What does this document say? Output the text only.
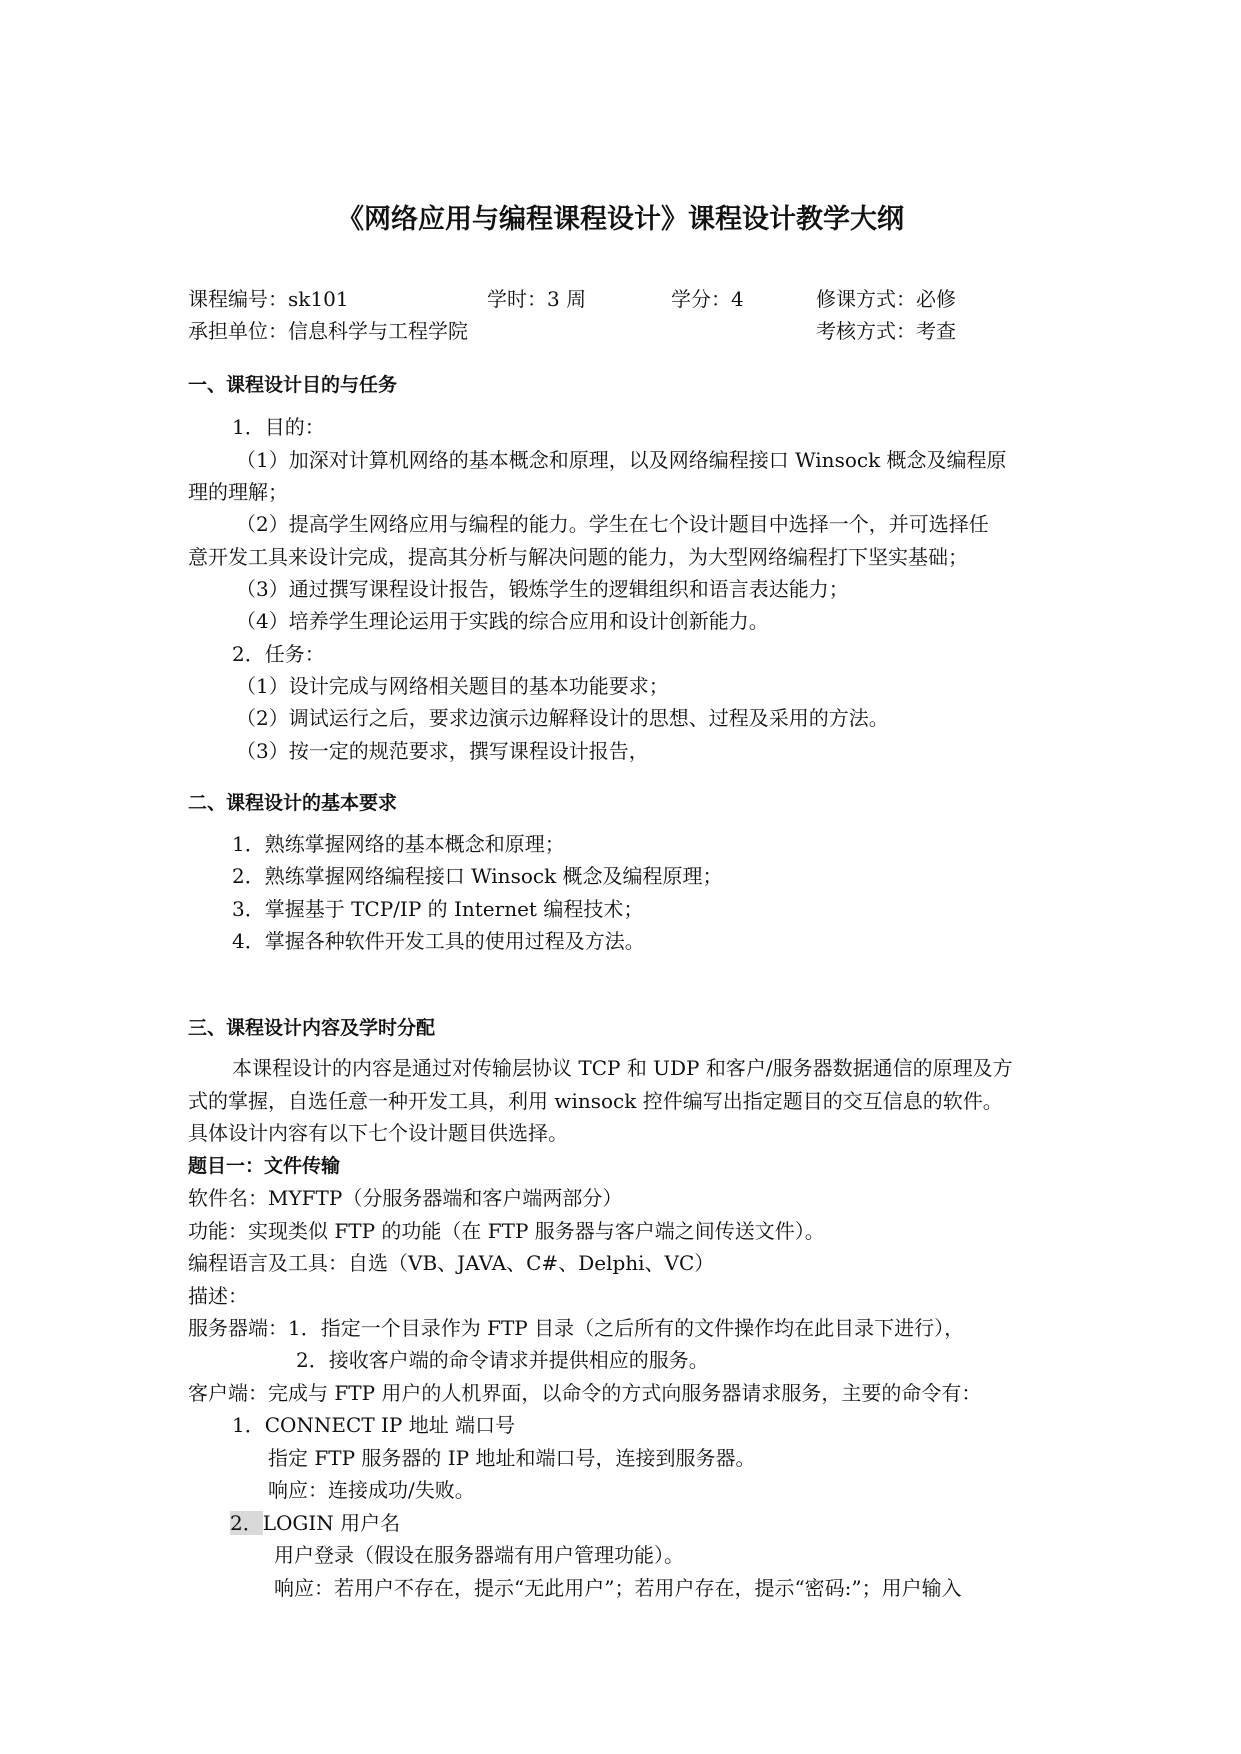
《网络应用与编程课程设计》课程设计教学大纲
课程编号：sk101	学时：3 周	学分：4	修课方式：必修
承担单位：信息科学与工程学院	考核方式：考查
一、课程设计目的与任务
1．目的：
（1）加深对计算机网络的基本概念和原理，以及网络编程接口 Winsock 概念及编程原
理的理解；
（2）提高学生网络应用与编程的能力。学生在七个设计题目中选择一个，并可选择任
意开发工具来设计完成，提高其分析与解决问题的能力，为大型网络编程打下坚实基础；
（3）通过撰写课程设计报告，锻炼学生的逻辑组织和语言表达能力；
（4）培养学生理论运用于实践的综合应用和设计创新能力。
2．任务：
（1）设计完成与网络相关题目的基本功能要求；
（2）调试运行之后，要求边演示边解释设计的思想、过程及采用的方法。
（3）按一定的规范要求，撰写课程设计报告，
二、课程设计的基本要求
1．熟练掌握网络的基本概念和原理；
2．熟练掌握网络编程接口 Winsock 概念及编程原理；
3．掌握基于 TCP/IP 的 Internet 编程技术；
4．掌握各种软件开发工具的使用过程及方法。
三、课程设计内容及学时分配
本课程设计的内容是通过对传输层协议 TCP 和 UDP 和客户/服务器数据通信的原理及方
式的掌握，自选任意一种开发工具，利用 winsock 控件编写出指定题目的交互信息的软件。
具体设计内容有以下七个设计题目供选择。
题目一：文件传输
软件名：MYFTP（分服务器端和客户端两部分）
功能：实现类似 FTP 的功能（在 FTP 服务器与客户端之间传送文件）。
编程语言及工具：自选（VB、JAVA、C#、Delphi、VC）
描述：
服务器端：1．指定一个目录作为 FTP 目录（之后所有的文件操作均在此目录下进行），
2．接收客户端的命令请求并提供相应的服务。
客户端：完成与 FTP 用户的人机界面，以命令的方式向服务器请求服务，主要的命令有：
1．CONNECT IP 地址 端口号
指定 FTP 服务器的 IP 地址和端口号，连接到服务器。
响应：连接成功/失败。
2．LOGIN 用户名
用户登录（假设在服务器端有用户管理功能）。
响应：若用户不存在，提示“无此用户”；若用户存在，提示“密码:”；用户输入
